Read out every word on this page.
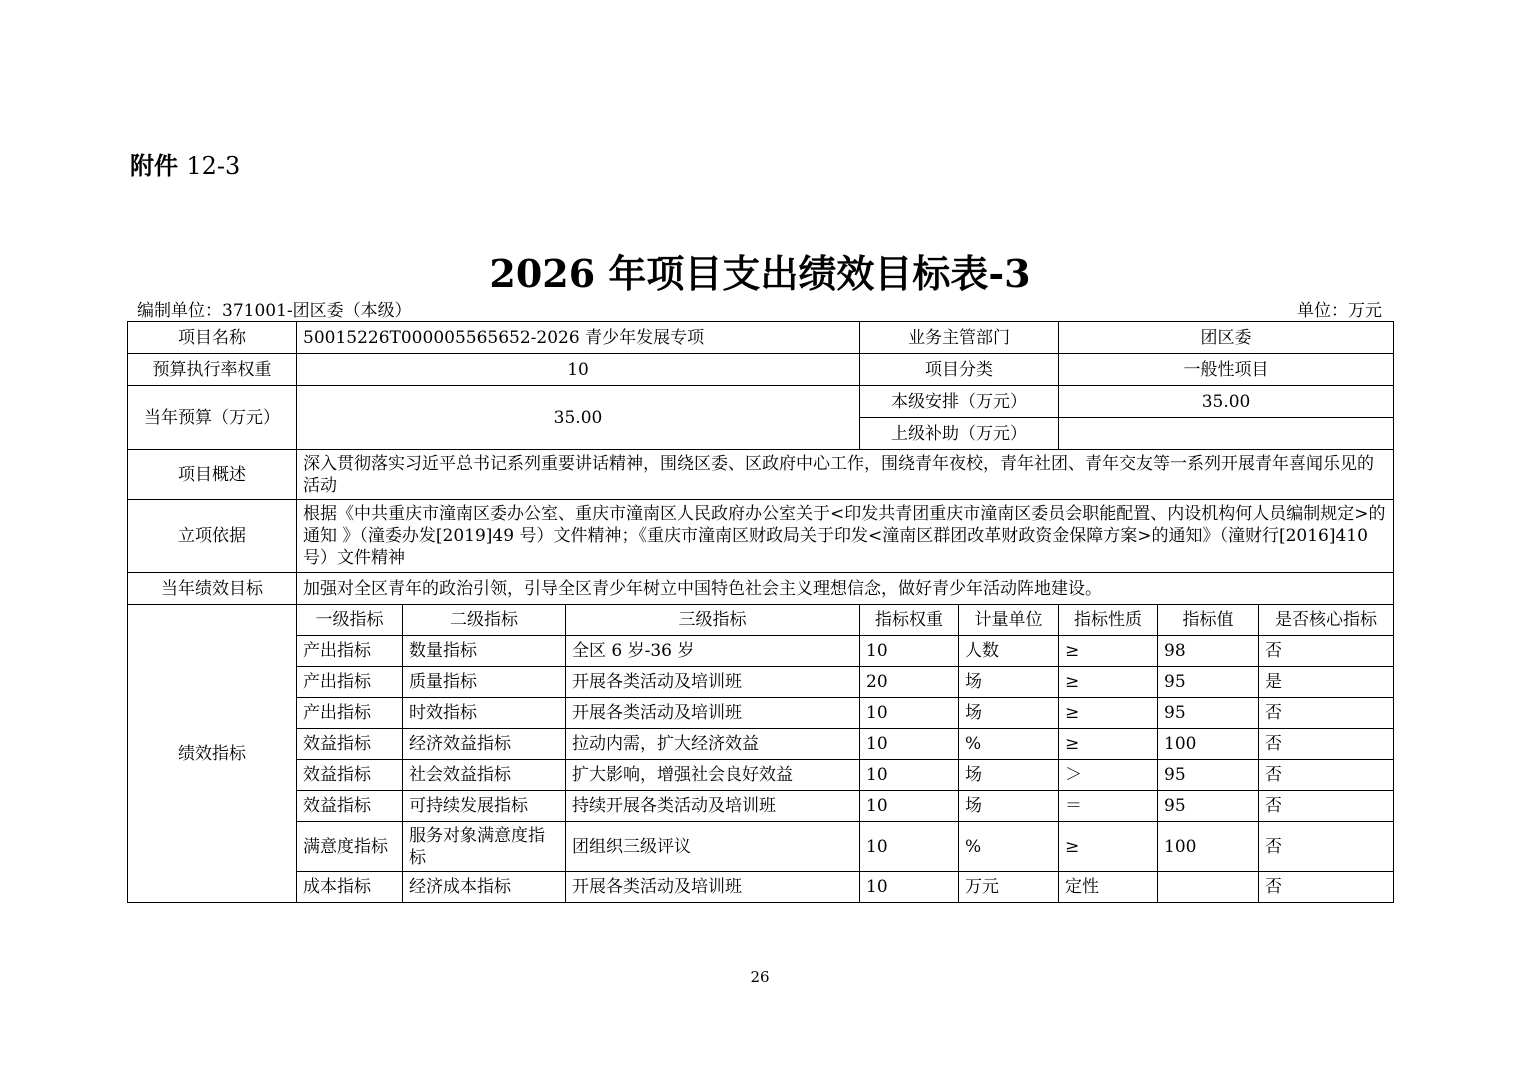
附件 12-3
2026 年项目支出绩效目标表-3
编制单位：371001-团区委（本级）	单位：万元
项目名称	50015226T000005565652-2026 青少年发展专项			业务主管部门		团区委		
预算执行率权重	10			项目分类		一般性项目		
当年预算（万元）	35.00			本级安排（万元）		35.00		
				上级补助（万元）				
项目概述	深入贯彻落实习近平总书记系列重要讲话精神，围绕区委、区政府中心工作，围绕青年夜校，青年社团、青年交友等一系列开展青年喜闻乐见的活动							
立项依据	根据《中共重庆市潼南区委办公室、重庆市潼南区人民政府办公室关于<印发共青团重庆市潼南区委员会职能配置、内设机构何人员编制规定>的通知 》（潼委办发[2019]49 号）文件精神；《重庆市潼南区财政局关于印发<潼南区群团改革财政资金保障方案>的通知》（潼财行[2016]410 号）文件精神							
当年绩效目标	加强对全区青年的政治引领，引导全区青少年树立中国特色社会主义理想信念，做好青少年活动阵地建设。							
绩效指标	一级指标	二级指标	三级指标	指标权重	计量单位	指标性质	指标值	是否核心指标
	产出指标	数量指标	全区 6 岁-36 岁	10	人数	≥	98	否
	产出指标	质量指标	开展各类活动及培训班	20	场	≥	95	是
	产出指标	时效指标	开展各类活动及培训班	10	场	≥	95	否
	效益指标	经济效益指标	拉动内需，扩大经济效益	10	%	≥	100	否
	效益指标	社会效益指标	扩大影响，增强社会良好效益	10	场	＞	95	否
	效益指标	可持续发展指标	持续开展各类活动及培训班	10	场	＝	95	否
	满意度指标	服务对象满意度指标	团组织三级评议	10	%	≥	100	否
	成本指标	经济成本指标	开展各类活动及培训班	10	万元	定性		否
26
